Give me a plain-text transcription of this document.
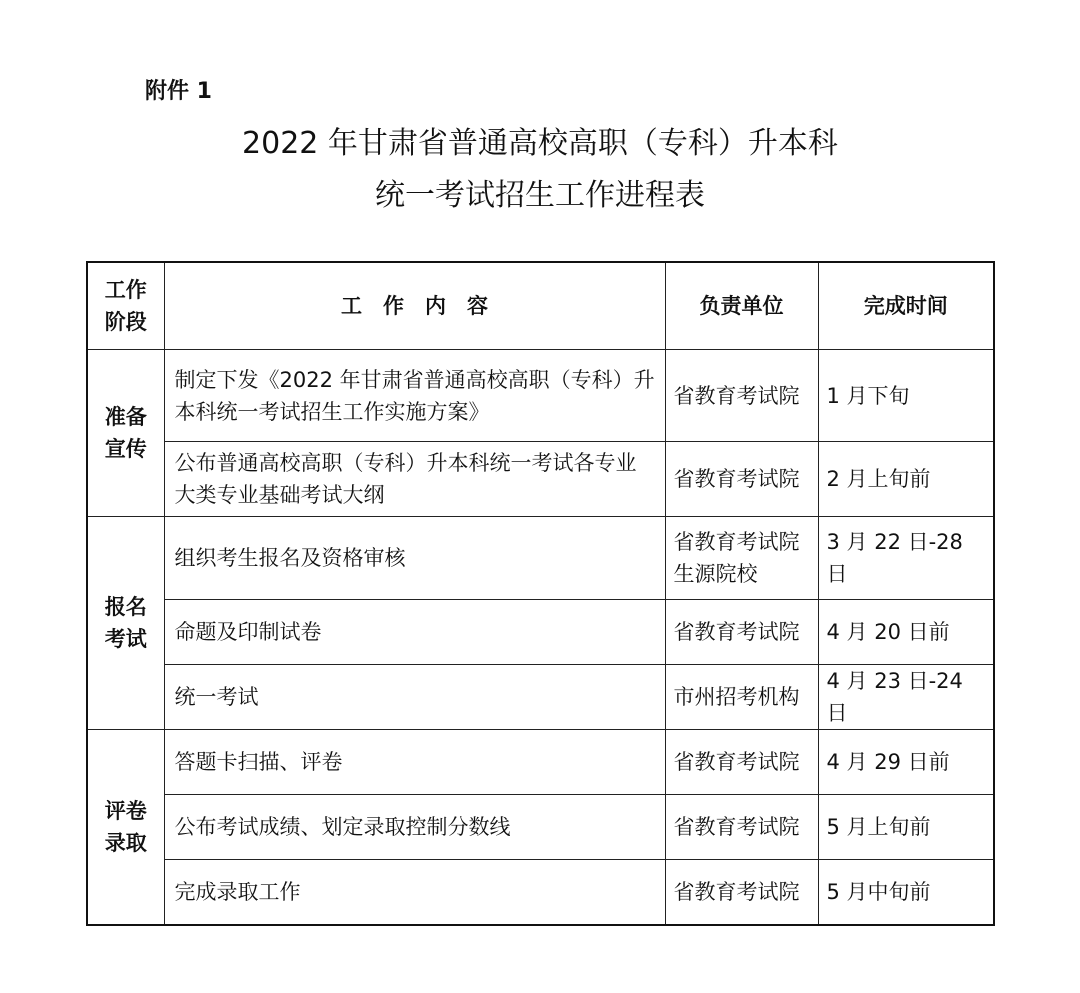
附件 1
2022 年甘肃省普通高校高职（专科）升本科
统一考试招生工作进程表
工作阶段	工　作　内　容	负责单位	完成时间
准备宣传	制定下发《2022 年甘肃省普通高校高职（专科）升本科统一考试招生工作实施方案》	省教育考试院	1 月下旬
	公布普通高校高职（专科）升本科统一考试各专业大类专业基础考试大纲	省教育考试院	2 月上旬前
报名考试	组织考生报名及资格审核	省教育考试院 生源院校	3 月 22 日-28 日
	命题及印制试卷	省教育考试院	4 月 20 日前
	统一考试	市州招考机构	4 月 23 日-24 日
评卷录取	答题卡扫描、评卷	省教育考试院	4 月 29 日前
	公布考试成绩、划定录取控制分数线	省教育考试院	5 月上旬前
	完成录取工作	省教育考试院	5 月中旬前
